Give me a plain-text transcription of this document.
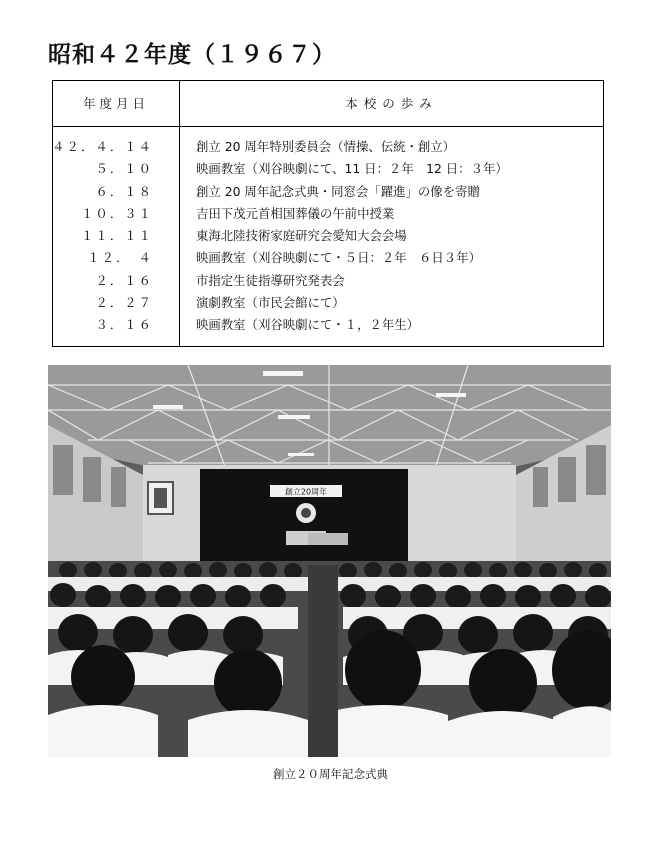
昭和４２年度（１９６７）
年度月日	本校の歩み
４２．４．１４	創立 20 周年特別委員会（情操、伝統・創立）
５．１０	映画教室（刈谷映劇にて、11 日：２年　12 日：３年）
６．１８	創立 20 周年記念式典・同窓会「躍進」の像を寄贈
１０．３１	吉田下茂元首相国葬儀の午前中授業
１１．１１	東海北陸技術家庭研究会愛知大会会場
１２．　４	映画教室（刈谷映劇にて・５日：２年　６日３年）
２．１６	市指定生徒指導研究発表会
２．２７	演劇教室（市民会館にて）
３．１６	映画教室（刈谷映劇にて・１，２年生）
創立20周年
創立２０周年記念式典
